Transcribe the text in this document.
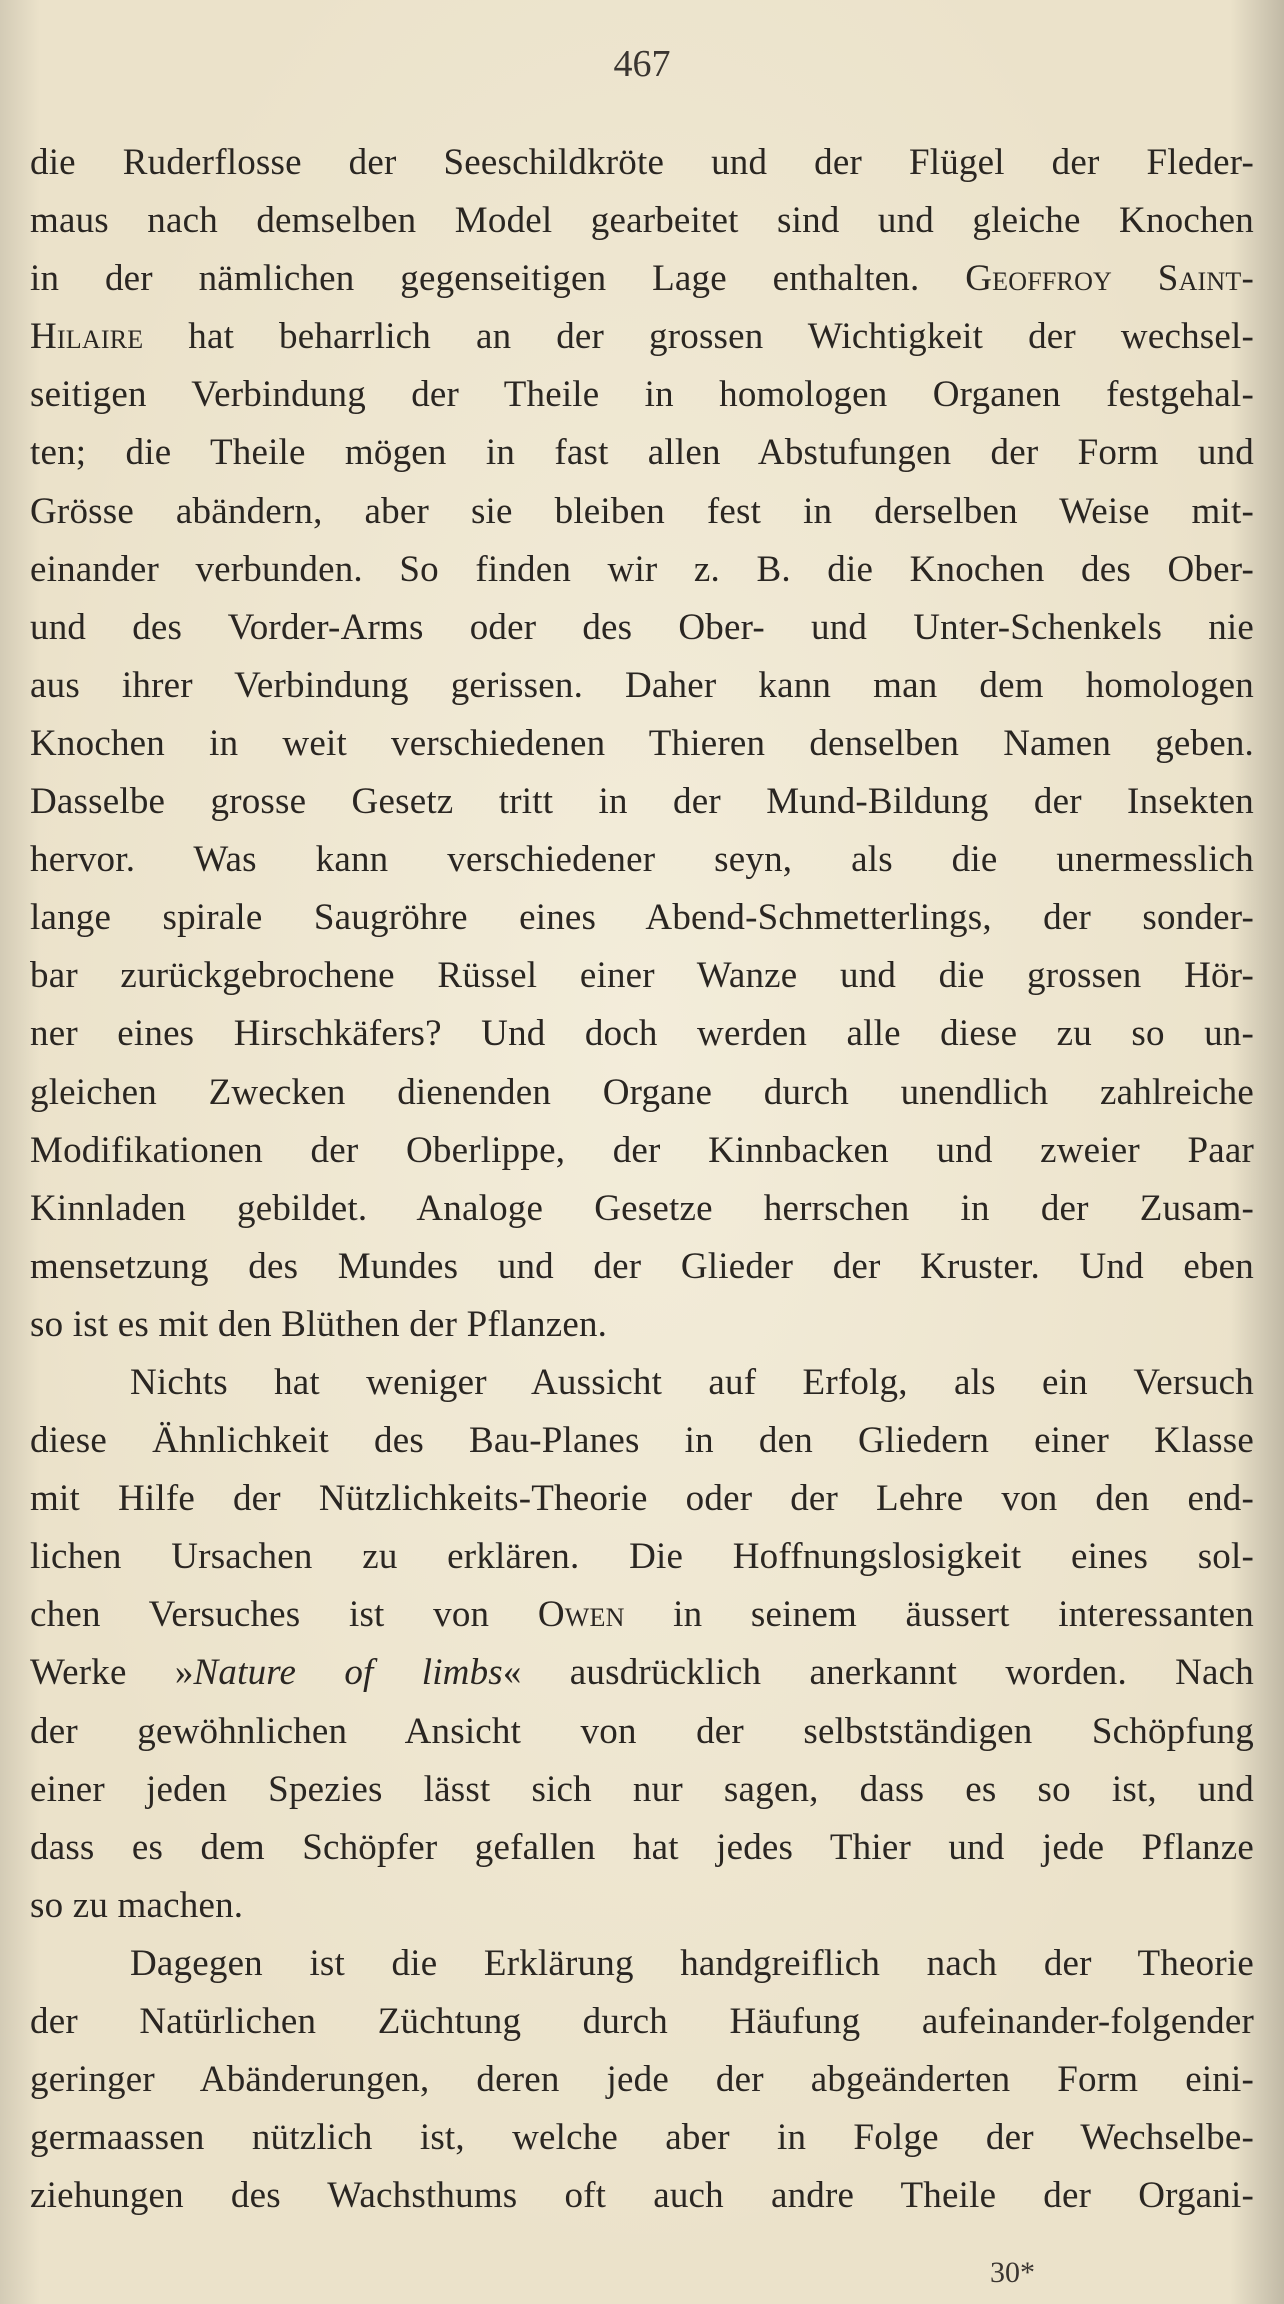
467
die Ruderflosse der Seeschildkröte und der Flügel der Fleder-
maus nach demselben Model gearbeitet sind und gleiche Knochen
in der nämlichen gegenseitigen Lage enthalten. Geoffroy Saint-
Hilaire hat beharrlich an der grossen Wichtigkeit der wechsel-
seitigen Verbindung der Theile in homologen Organen festgehal-
ten; die Theile mögen in fast allen Abstufungen der Form und
Grösse abändern, aber sie bleiben fest in derselben Weise mit-
einander verbunden. So finden wir z. B. die Knochen des Ober-
und des Vorder-Arms oder des Ober- und Unter-Schenkels nie
aus ihrer Verbindung gerissen. Daher kann man dem homologen
Knochen in weit verschiedenen Thieren denselben Namen geben.
Dasselbe grosse Gesetz tritt in der Mund-Bildung der Insekten
hervor. Was kann verschiedener seyn, als die unermesslich
lange spirale Saugröhre eines Abend-Schmetterlings, der sonder-
bar zurückgebrochene Rüssel einer Wanze und die grossen Hör-
ner eines Hirschkäfers? Und doch werden alle diese zu so un-
gleichen Zwecken dienenden Organe durch unendlich zahlreiche
Modifikationen der Oberlippe, der Kinnbacken und zweier Paar
Kinnladen gebildet. Analoge Gesetze herrschen in der Zusam-
mensetzung des Mundes und der Glieder der Kruster. Und eben
so ist es mit den Blüthen der Pflanzen.
Nichts hat weniger Aussicht auf Erfolg, als ein Versuch
diese Ähnlichkeit des Bau-Planes in den Gliedern einer Klasse
mit Hilfe der Nützlichkeits-Theorie oder der Lehre von den end-
lichen Ursachen zu erklären. Die Hoffnungslosigkeit eines sol-
chen Versuches ist von Owen in seinem äussert interessanten
Werke »Nature of limbs« ausdrücklich anerkannt worden. Nach
der gewöhnlichen Ansicht von der selbstständigen Schöpfung
einer jeden Spezies lässt sich nur sagen, dass es so ist, und
dass es dem Schöpfer gefallen hat jedes Thier und jede Pflanze
so zu machen.
Dagegen ist die Erklärung handgreiflich nach der Theorie
der Natürlichen Züchtung durch Häufung aufeinander-folgender
geringer Abänderungen, deren jede der abgeänderten Form eini-
germaassen nützlich ist, welche aber in Folge der Wechselbe-
ziehungen des Wachsthums oft auch andre Theile der Organi-
30*
